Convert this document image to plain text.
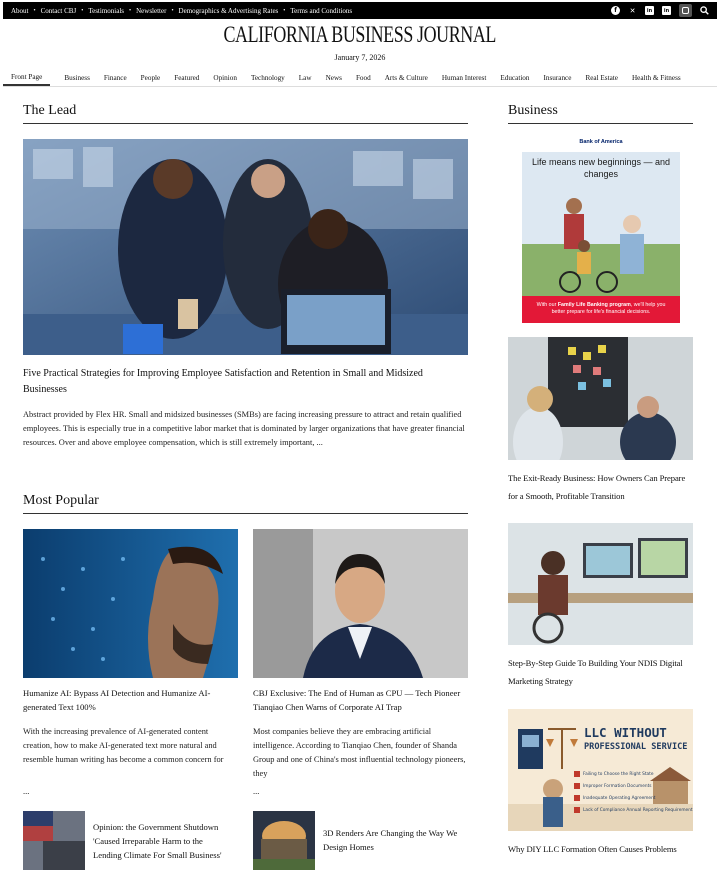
About • Contact CBJ • Testimonials • Newsletter • Demographics & Advertising Rates • Terms and Conditions	f	✕	in	in
CALIFORNIA BUSINESS JOURNAL
January 7, 2026
Front Page	Business Finance People Featured Opinion Technology Law News Food Arts & Culture Human Interest Education Insurance Real Estate Health & Fitness
The Lead
Five Practical Strategies for Improving Employee Satisfaction and Retention in Small and Midsized Businesses
Abstract provided by Flex HR. Small and midsized businesses (SMBs) are facing increasing pressure to attract and retain qualified employees. This is especially true in a competitive labor market that is dominated by larger organizations that have greater financial resources. Over and above employee compensation, which is still extremely important, ...
Most Popular
Humanize AI: Bypass AI Detection and Humanize AI-generated Text 100%
CBJ Exclusive: The End of Human as CPU — Tech Pioneer Tianqiao Chen Warns of Corporate AI Trap
With the increasing prevalence of AI-generated content creation, how to make AI-generated text more natural and resemble human writing has become a common concern for
Most companies believe they are embracing artificial intelligence. According to Tianqiao Chen, founder of Shanda Group and one of China's most influential technology pioneers, they
...	...
Opinion: the Government Shutdown 'Caused Irreparable Harm to the Lending Climate For Small Business'
3D Renders Are Changing the Way We Design Homes
Business
Bank of America
Life means new beginnings — and changes
With our Family Life Banking program, we'll help you better prepare for life's financial decisions.
The Exit-Ready Business: How Owners Can Prepare for a Smooth, Profitable Transition
Step-By-Step Guide To Building Your NDIS Digital Marketing Strategy
LLC WITHOUT
PROFESSIONAL SERVICE
Failing to Choose the Right State
Improper Formation Documents
Inadequate Operating Agreement
Lack of Compliance Annual Reporting Requirement
Why DIY LLC Formation Often Causes Problems
